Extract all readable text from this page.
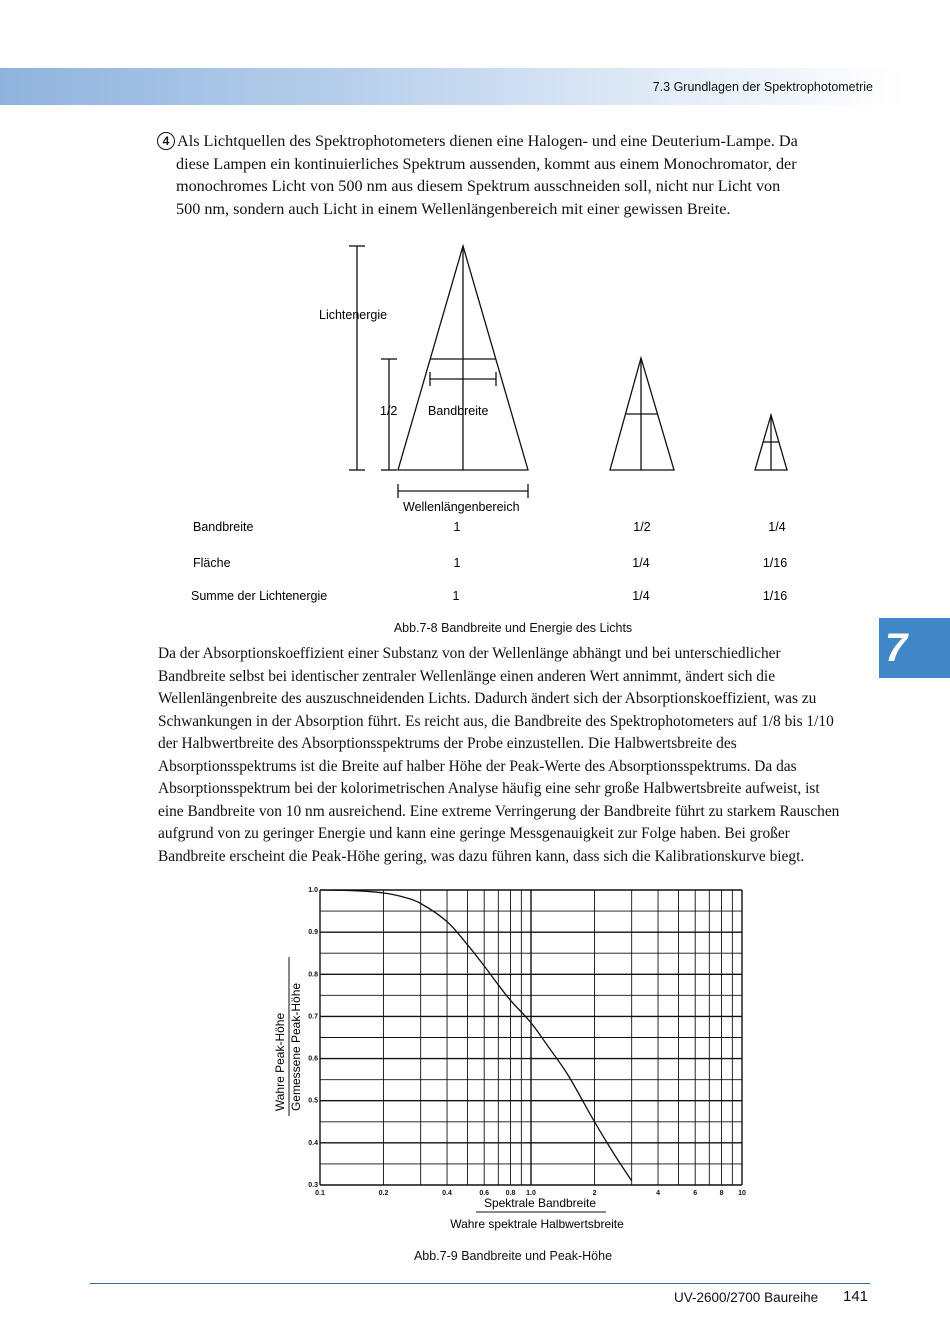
7.3 Grundlagen der Spektrophotometrie
4 Als Lichtquellen des Spektrophotometers dienen eine Halogen- und eine Deuterium-Lampe. Da
diese Lampen ein kontinuierliches Spektrum aussenden, kommt aus einem Monochromator, der
monochromes Licht von 500 nm aus diesem Spektrum ausschneiden soll, nicht nur Licht von
500 nm, sondern auch Licht in einem Wellenlängenbereich mit einer gewissen Breite.
Lichtenergie
1/2 Bandbreite
Wellenlängenbereich
Bandbreite	1	1/2	1/4
Fläche	1	1/4	1/16
Summe der Lichtenergie	1	1/4	1/16
Abb.7-8 Bandbreite und Energie des Lichts
Da der Absorptionskoeffizient einer Substanz von der Wellenlänge abhängt und bei unterschiedlicher
Bandbreite selbst bei identischer zentraler Wellenlänge einen anderen Wert annimmt, ändert sich die
Wellenlängenbreite des auszuschneidenden Lichts. Dadurch ändert sich der Absorptionskoeffizient, was zu
Schwankungen in der Absorption führt. Es reicht aus, die Bandbreite des Spektrophotometers auf 1/8 bis 1/10
der Halbwertbreite des Absorptionsspektrums der Probe einzustellen. Die Halbwertsbreite des
Absorptionsspektrums ist die Breite auf halber Höhe der Peak-Werte des Absorptionsspektrums. Da das
Absorptionsspektrum bei der kolorimetrischen Analyse häufig eine sehr große Halbwertsbreite aufweist, ist
eine Bandbreite von 10 nm ausreichend. Eine extreme Verringerung der Bandbreite führt zu starkem Rauschen
aufgrund von zu geringer Energie und kann eine geringe Messgenauigkeit zur Folge haben. Bei großer
Bandbreite erscheint die Peak-Höhe gering, was dazu führen kann, dass sich die Kalibrationskurve biegt.
7
1.0
0.9
0.8
0.7
0.6
0.5
0.4
0.3
0.1	0.2	0.4	0.6 0.8 1.0	2	4	6	8 10
Wahre Peak-Höhe Gemessene Peak-Höhe
Spektrale Bandbreite
Wahre spektrale Halbwertsbreite
Abb.7-9 Bandbreite und Peak-Höhe
UV-2600/2700 Baureihe 141
